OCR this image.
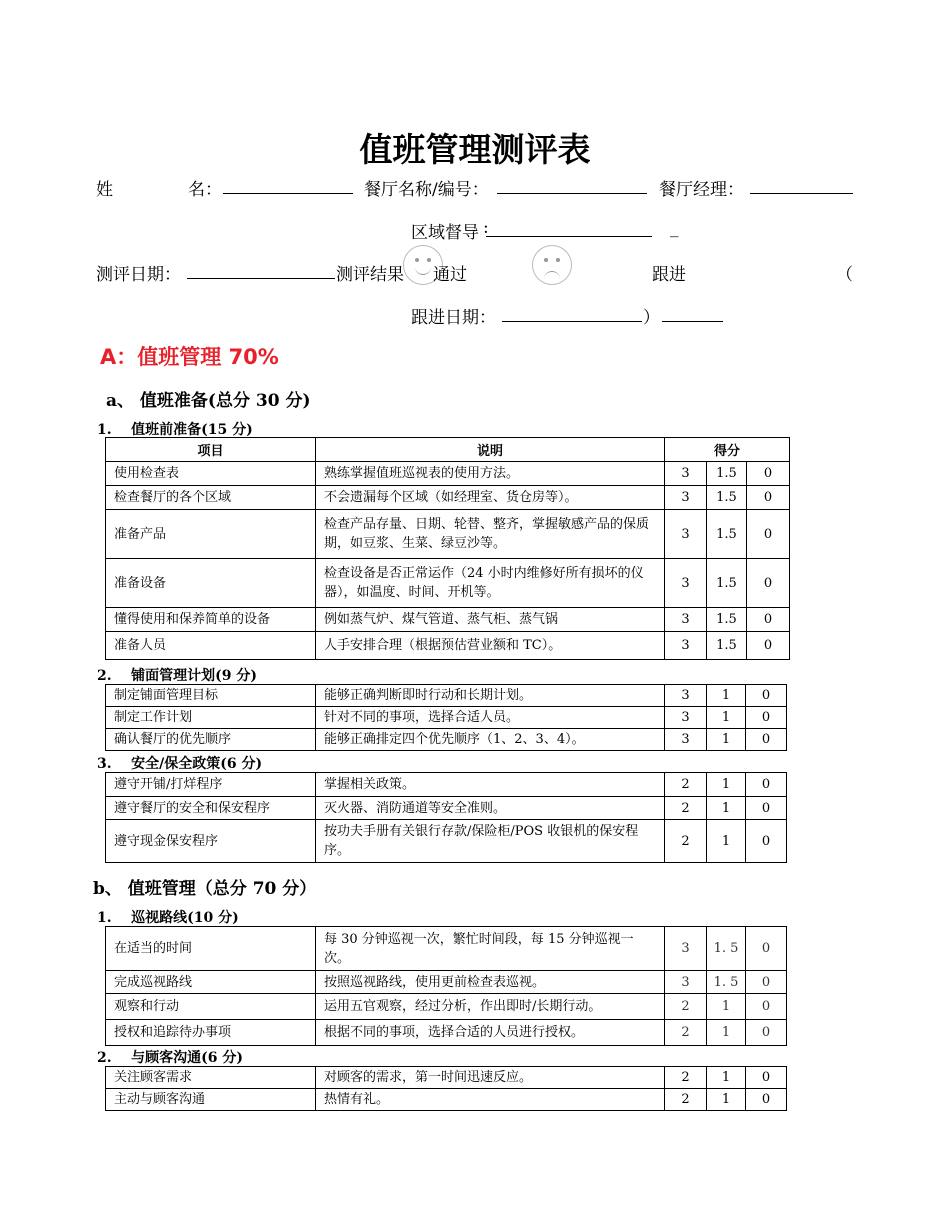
值班管理测评表
姓	名：	餐厅名称/编号：	餐厅经理：
区域督导 :	_
测评日期：	测评结果 通过	跟进	（
跟进日期：	）
A：值班管理 70%
a、 值班准备(总分 30 分)
1.    值班前准备(15 分)
项目	说明	得分		
使用检查表	熟练掌握值班巡视表的使用方法。	3	1.5	0
检查餐厅的各个区域	不会遗漏每个区域（如经理室、货仓房等）。	3	1.5	0
准备产品	检查产品存量、日期、轮替、整齐，掌握敏感产品的保质期，如豆浆、生菜、绿豆沙等。	3	1.5	0
准备设备	检查设备是否正常运作（24 小时内维修好所有损坏的仪器），如温度、时间、开机等。	3	1.5	0
懂得使用和保养简单的设备	例如蒸气炉、煤气管道、蒸气柜、蒸气锅	3	1.5	0
准备人员	人手安排合理（根据预估营业额和 TC）。	3	1.5	0
2.    铺面管理计划(9 分)
制定铺面管理目标	能够正确判断即时行动和长期计划。	3	1	0
制定工作计划	针对不同的事项，选择合适人员。	3	1	0
确认餐厅的优先顺序	能够正确排定四个优先顺序（1、2、3、4）。	3	1	0
3.    安全/保全政策(6 分)
遵守开铺/打烊程序	掌握相关政策。	2	1	0
遵守餐厅的安全和保安程序	灭火器、消防通道等安全准则。	2	1	0
遵守现金保安程序	按功夫手册有关银行存款/保险柜/POS 收银机的保安程序。	2	1	0
b、 值班管理（总分 70 分）
1.    巡视路线(10 分)
在适当的时间	每 30 分钟巡视一次，繁忙时间段，每 15 分钟巡视一次。	3	1. 5	0
完成巡视路线	按照巡视路线，使用更前检查表巡视。	3	1. 5	0
观察和行动	运用五官观察，经过分析，作出即时/长期行动。	2	1	0
授权和追踪待办事项	根据不同的事项，选择合适的人员进行授权。	2	1	0
2.    与顾客沟通(6 分)
关注顾客需求	对顾客的需求，第一时间迅速反应。	2	1	0
主动与顾客沟通	热情有礼。	2	1	0
